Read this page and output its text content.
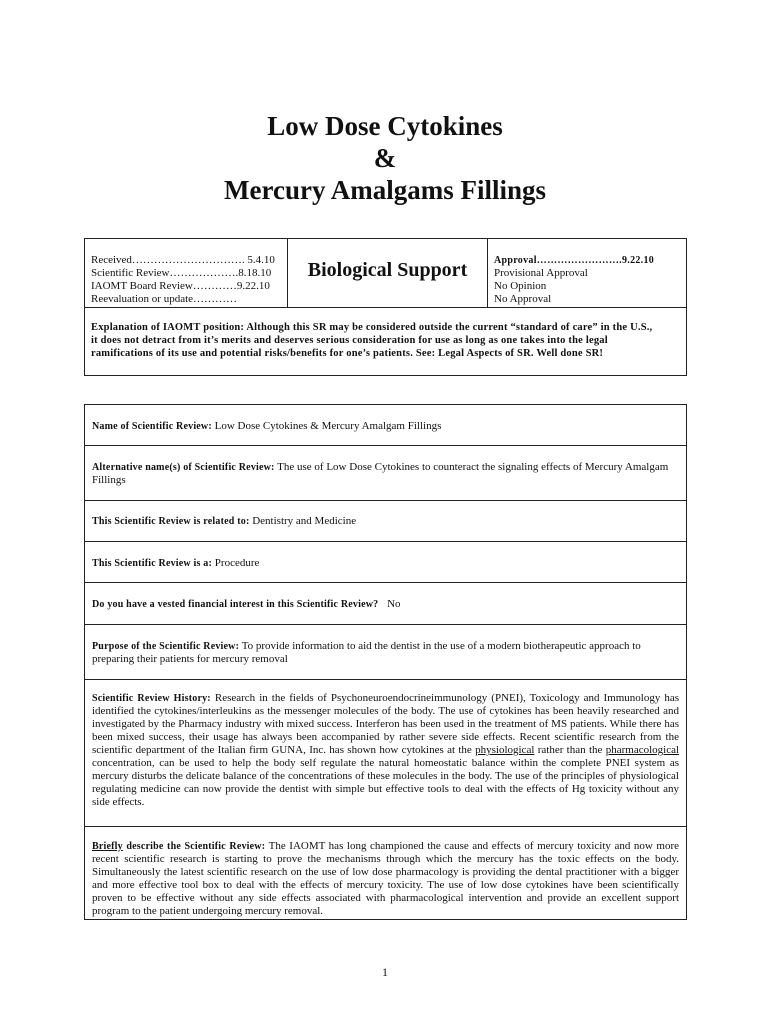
Low Dose Cytokines
&
Mercury Amalgams Fillings
Received…………………………. 5.4.10
Scientific Review……………….8.18.10
IAOMT Board Review…………9.22.10
Reevaluation or update…………
Biological Support	Approval…………………….9.22.10
Provisional Approval
No Opinion
No Approval
Explanation of IAOMT position: Although this SR may be considered outside the current “standard of care” in the U.S.,
it does not detract from it’s merits and deserves serious consideration for use as long as one takes into the legal
ramifications of its use and potential risks/benefits for one’s patients. See: Legal Aspects of SR. Well done SR!
Name of Scientific Review: Low Dose Cytokines & Mercury Amalgam Fillings
Alternative name(s) of Scientific Review: The use of Low Dose Cytokines to counteract the signaling effects of Mercury Amalgam Fillings
This Scientific Review is related to: Dentistry and Medicine
This Scientific Review is a: Procedure
Do you have a vested financial interest in this Scientific Review? No
Purpose of the Scientific Review: To provide information to aid the dentist in the use of a modern biotherapeutic approach to preparing their patients for mercury removal
Scientific Review History: Research in the fields of Psychoneuroendocrineimmunology (PNEI), Toxicology and Immunology has identified the cytokines/interleukins as the messenger molecules of the body. The use of cytokines has been heavily researched and investigated by the Pharmacy industry with mixed success. Interferon has been used in the treatment of MS patients. While there has been mixed success, their usage has always been accompanied by rather severe side effects. Recent scientific research from the scientific department of the Italian firm GUNA, Inc. has shown how cytokines at the physiological rather than the pharmacological concentration, can be used to help the body self regulate the natural homeostatic balance within the complete PNEI system as mercury disturbs the delicate balance of the concentrations of these molecules in the body. The use of the principles of physiological regulating medicine can now provide the dentist with simple but effective tools to deal with the effects of Hg toxicity without any side effects.
Briefly describe the Scientific Review: The IAOMT has long championed the cause and effects of mercury toxicity and now more recent scientific research is starting to prove the mechanisms through which the mercury has the toxic effects on the body. Simultaneously the latest scientific research on the use of low dose pharmacology is providing the dental practitioner with a bigger and more effective tool box to deal with the effects of mercury toxicity. The use of low dose cytokines have been scientifically proven to be effective without any side effects associated with pharmacological intervention and provide an excellent support program to the patient undergoing mercury removal.
1
